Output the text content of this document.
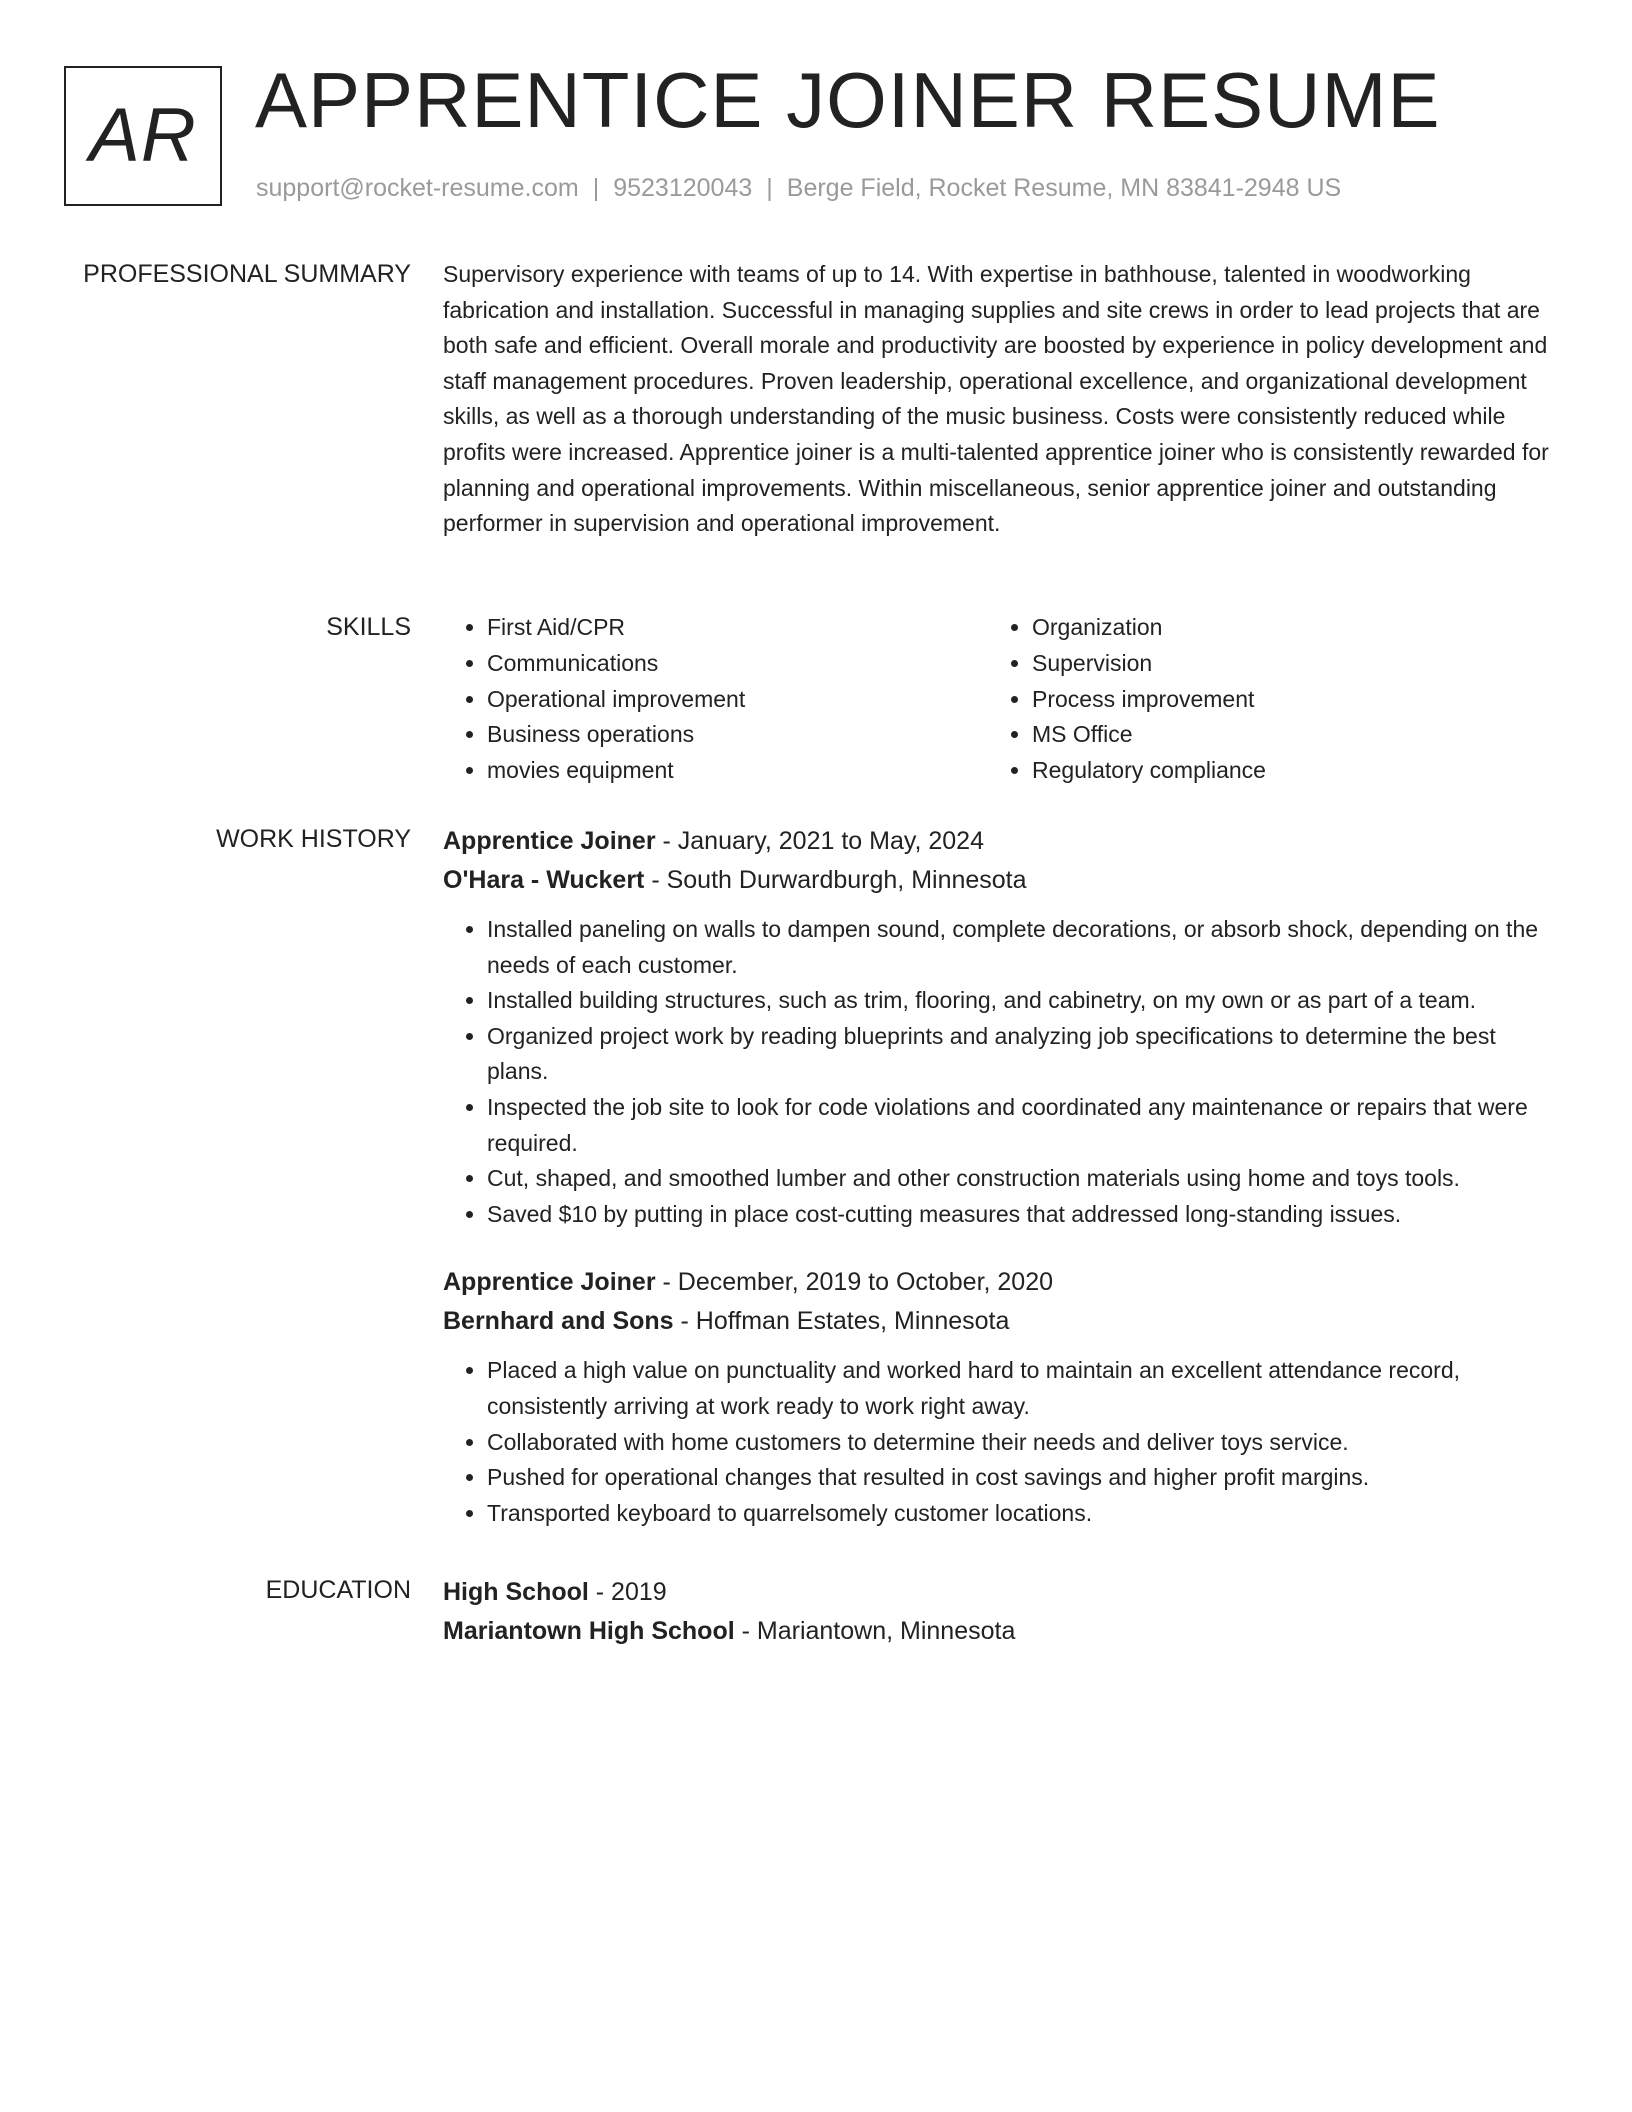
AR APPRENTICE JOINER RESUME
support@rocket-resume.com | 9523120043 | Berge Field, Rocket Resume, MN 83841-2948 US
PROFESSIONAL SUMMARY Supervisory experience with teams of up to 14. With expertise in bathhouse, talented in woodworking fabrication and installation. Successful in managing supplies and site crews in order to lead projects that are both safe and efficient. Overall morale and productivity are boosted by experience in policy development and staff management procedures. Proven leadership, operational excellence, and organizational development skills, as well as a thorough understanding of the music business. Costs were consistently reduced while profits were increased. Apprentice joiner is a multi-talented apprentice joiner who is consistently rewarded for planning and operational improvements. Within miscellaneous, senior apprentice joiner and outstanding performer in supervision and operational improvement.

SKILLS
•	First Aid/CPR
• Communications
• Operational improvement
• Business operations
• movies equipment
• Organization
• Supervision
• Process improvement
• MS Office
• Regulatory compliance
WORK HISTORY Apprentice Joiner - January, 2021 to May, 2024
O'Hara - Wuckert - South Durwardburgh, Minnesota
• Installed paneling on walls to dampen sound, complete decorations, or absorb shock, depending on the needs of each customer.
• Installed building structures, such as trim, flooring, and cabinetry, on my own or as part of a team.
• Organized project work by reading blueprints and analyzing job specifications to determine the best plans.
• Inspected the job site to look for code violations and coordinated any maintenance or repairs that were required.
• Cut, shaped, and smoothed lumber and other construction materials using home and toys tools.
• Saved $10 by putting in place cost-cutting measures that addressed long-standing issues.
Apprentice Joiner - December, 2019 to October, 2020
Bernhard and Sons - Hoffman Estates, Minnesota
• Placed a high value on punctuality and worked hard to maintain an excellent attendance record, consistently arriving at work ready to work right away.
• Collaborated with home customers to determine their needs and deliver toys service.
• Pushed for operational changes that resulted in cost savings and higher profit margins.
• Transported keyboard to quarrelsomely customer locations.
EDUCATION High School - 2019
Mariantown High School - Mariantown, Minnesota
